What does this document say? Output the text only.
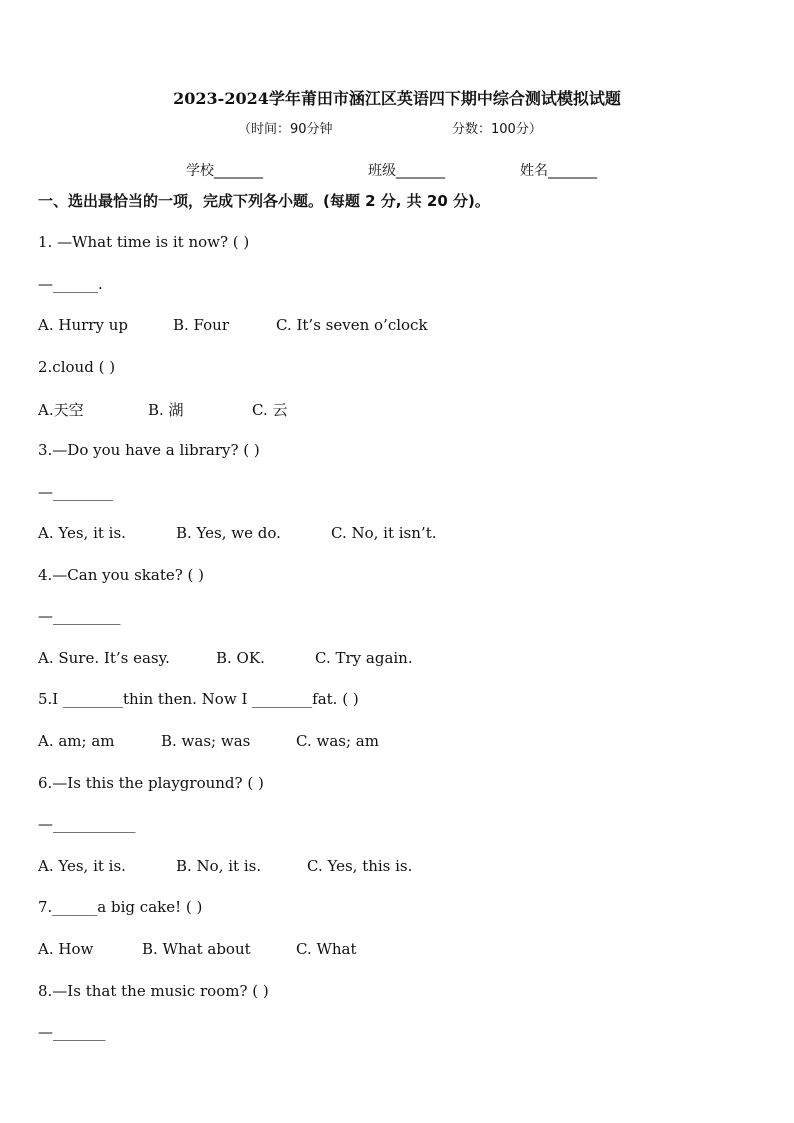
2023-2024学年莆田市涵江区英语四下期中综合测试模拟试题
（时间：90分钟	分数：100分）
学校_______	班级_______	姓名_______
一、选出最恰当的一项，完成下列各小题。(每题 2 分, 共 20 分)。
1. —What time is it now? ( )
—______.
A. Hurry up	B. Four	C. It’s seven o’clock
2.cloud ( )
A.天空	B. 湖	C. 云
3.—Do you have a library? ( )
—________
A. Yes, it is.	B. Yes, we do.	C. No, it isn’t.
4.—Can you skate? ( )
—_________
A. Sure. It’s easy.	B. OK.	C. Try again.
5.I ________thin then. Now I ________fat. ( )
A. am; am	B. was; was	C. was; am
6.—Is this the playground? ( )
—___________
A. Yes, it is.	B. No, it is.	C. Yes, this is.
7.______a big cake! ( )
A. How	B. What about	C. What
8.—Is that the music room? ( )
—_______
